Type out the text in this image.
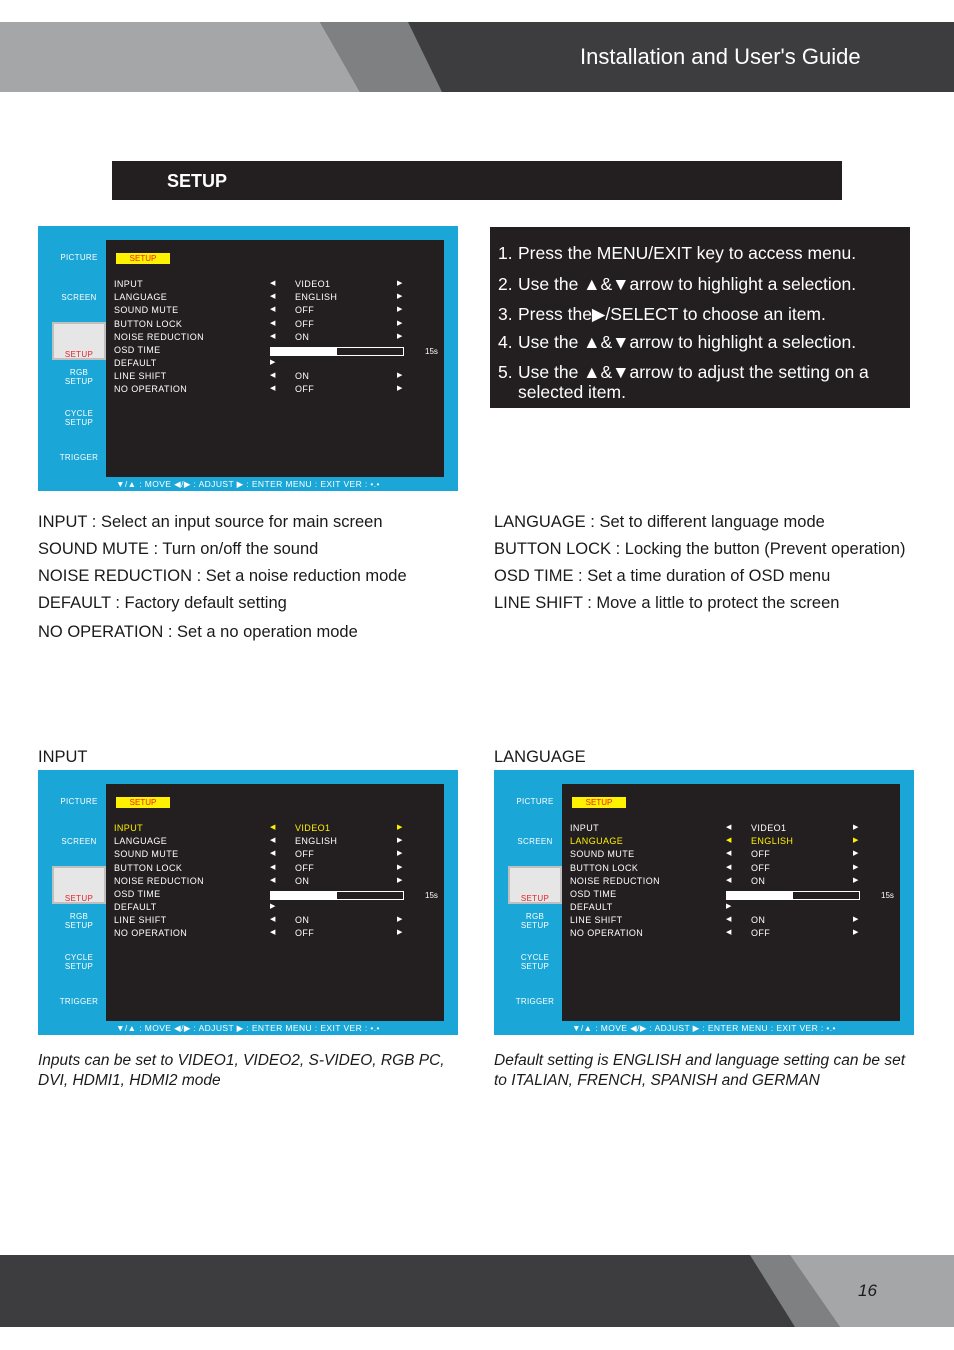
Installation and User's Guide
SETUP
PICTURE
SCREEN
SETUP
RGB
SETUP
CYCLE
SETUP
TRIGGER
SETUP
INPUT	◀ VIDEO1	▶
LANGUAGE	◀ ENGLISH	▶
SOUND MUTE	◀ OFF	▶
BUTTON LOCK	◀ OFF	▶
NOISE REDUCTION	◀ ON	▶
OSD TIME
DEFAULT	▶
LINE SHIFT	◀ ON	▶
NO OPERATION	◀ OFF	▶
15s
▼/▲ : MOVE ◀/▶ : ADJUST ▶ : ENTER MENU : EXIT VER : •.•
1. Press the MENU/EXIT key to access menu.
2. Use the ▲&▼arrow to highlight a selection.
3. Press the▶/SELECT to choose an item.
4. Use the ▲&▼arrow to highlight a selection.
5. Use the ▲&▼arrow to adjust the setting on a
selected item.
INPUT : Select an input source for main screen
SOUND MUTE : Turn on/off the sound
NOISE REDUCTION : Set a noise reduction mode
DEFAULT : Factory default setting
NO OPERATION : Set a no operation mode
LANGUAGE : Set to different language mode
BUTTON LOCK : Locking the button (Prevent operation)
OSD TIME : Set a time duration of OSD menu
LINE SHIFT : Move a little to protect the screen
INPUT	LANGUAGE
PICTURE
SCREEN
SETUP
RGB
SETUP
CYCLE
SETUP
TRIGGER
SETUP
INPUT	◀ VIDEO1	▶
LANGUAGE	◀ ENGLISH	▶
SOUND MUTE	◀ OFF	▶
BUTTON LOCK	◀ OFF	▶
NOISE REDUCTION	◀ ON	▶
OSD TIME
DEFAULT	▶
LINE SHIFT	◀ ON	▶
NO OPERATION	◀ OFF	▶
15s
▼/▲ : MOVE ◀/▶ : ADJUST ▶ : ENTER MENU : EXIT VER : •.•
PICTURE
SCREEN
SETUP
RGB
SETUP
CYCLE
SETUP
TRIGGER
SETUP
INPUT	◀ VIDEO1	▶
LANGUAGE	◀ ENGLISH	▶
SOUND MUTE	◀ OFF	▶
BUTTON LOCK	◀ OFF	▶
NOISE REDUCTION	◀ ON	▶
OSD TIME
DEFAULT	▶
LINE SHIFT	◀ ON	▶
NO OPERATION	◀ OFF	▶
15s
▼/▲ : MOVE ◀/▶ : ADJUST ▶ : ENTER MENU : EXIT VER : •.•
Inputs can be set to VIDEO1, VIDEO2, S-VIDEO, RGB PC, DVI, HDMI1, HDMI2 mode
Default setting is ENGLISH and language setting can be set to ITALIAN, FRENCH, SPANISH and GERMAN
16
